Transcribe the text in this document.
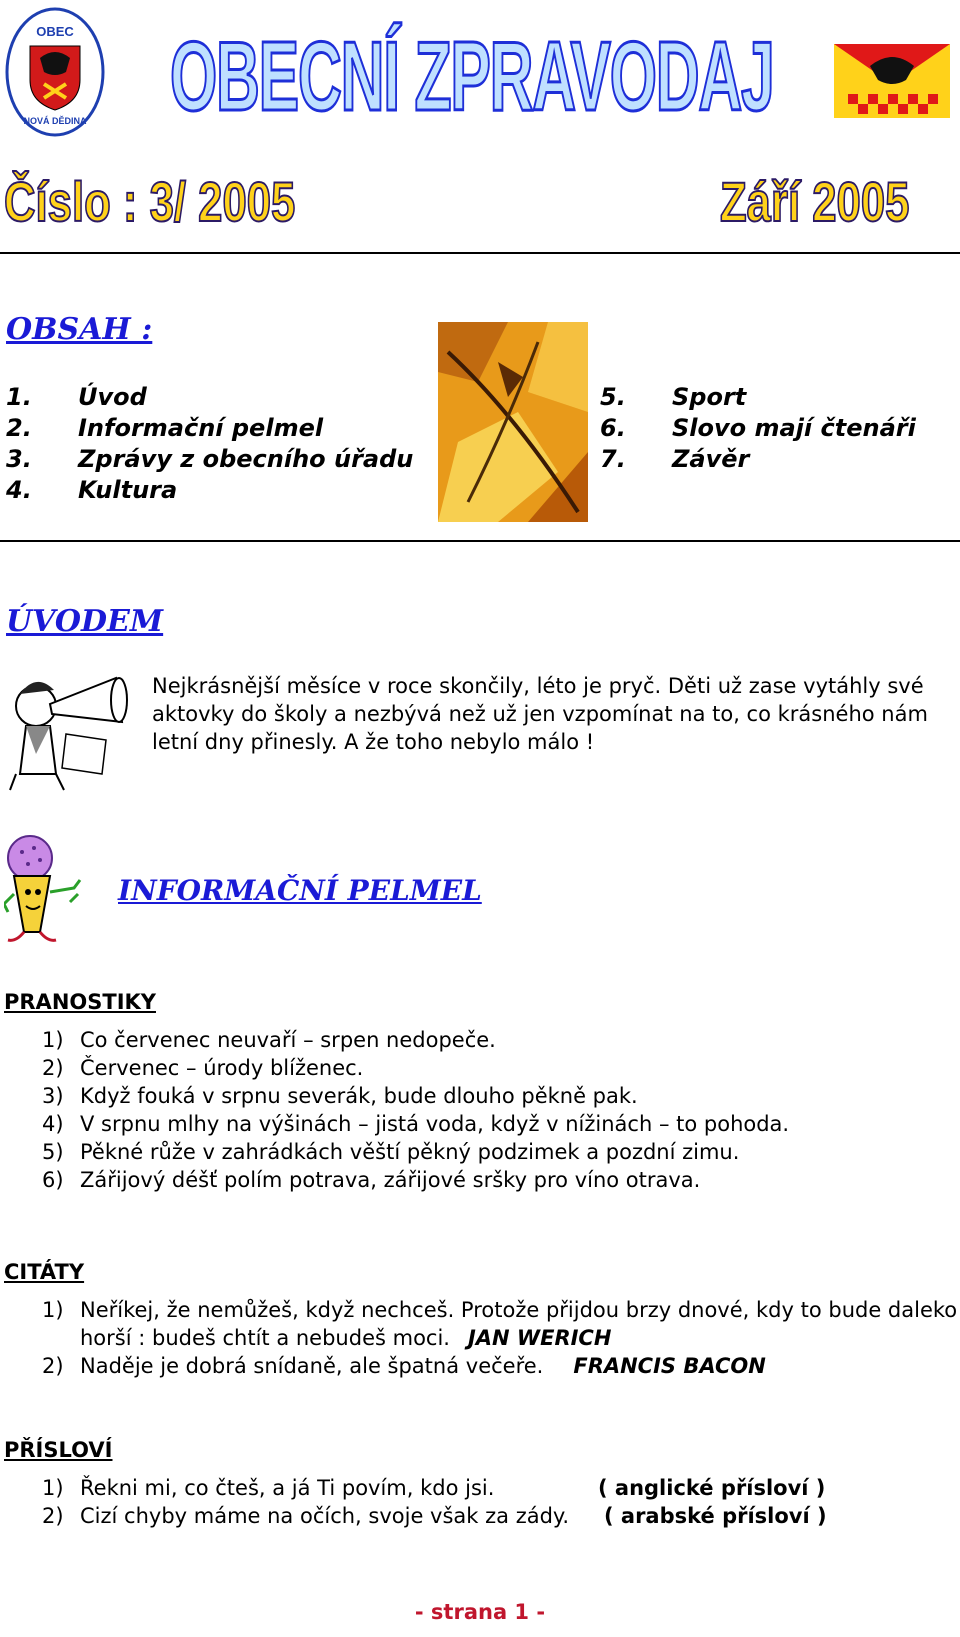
OBEC
NOVÁ DĚDINA OBECNÍ ZPRAVODAJ
Číslo : 3/ 2005	Září 2005
OBSAH :
1. Úvod
2. Informační pelmel
3. Zprávy z obecního úřadu
4. Kultura
5. Sport
6. Slovo mají čtenáři
7. Závěr
ÚVODEM
Nejkrásnější měsíce v roce skončily, léto je pryč. Děti už zase vytáhly své aktovky do školy a nezbývá než už jen vzpomínat na to, co krásného nám letní dny přinesly. A že toho nebylo málo !
INFORMAČNÍ PELMEL
PRANOSTIKY
1) Co červenec neuvaří – srpen nedopeče.
2) Červenec – úrody blíženec.
3) Když fouká v srpnu severák, bude dlouho pěkně pak.
4) V srpnu mlhy na výšinách – jistá voda, když v nížinách – to pohoda.
5) Pěkné růže v zahrádkách věští pěkný podzimek a pozdní zimu.
6) Zářijový déšť polím potrava, zářijové sršky pro víno otrava.
CITÁTY
1) Neříkej, že nemůžeš, když nechceš. Protože přijdou brzy dnové, kdy to bude daleko
horší : budeš chtít a nebudeš moci. JAN WERICH
2) Naděje je dobrá snídaně, ale špatná večeře. FRANCIS BACON
PŘÍSLOVÍ
1) Řekni mi, co čteš, a já Ti povím, kdo jsi.	( anglické přísloví )
2) Cizí chyby máme na očích, svoje však za zády. ( arabské přísloví )
- strana 1 -
